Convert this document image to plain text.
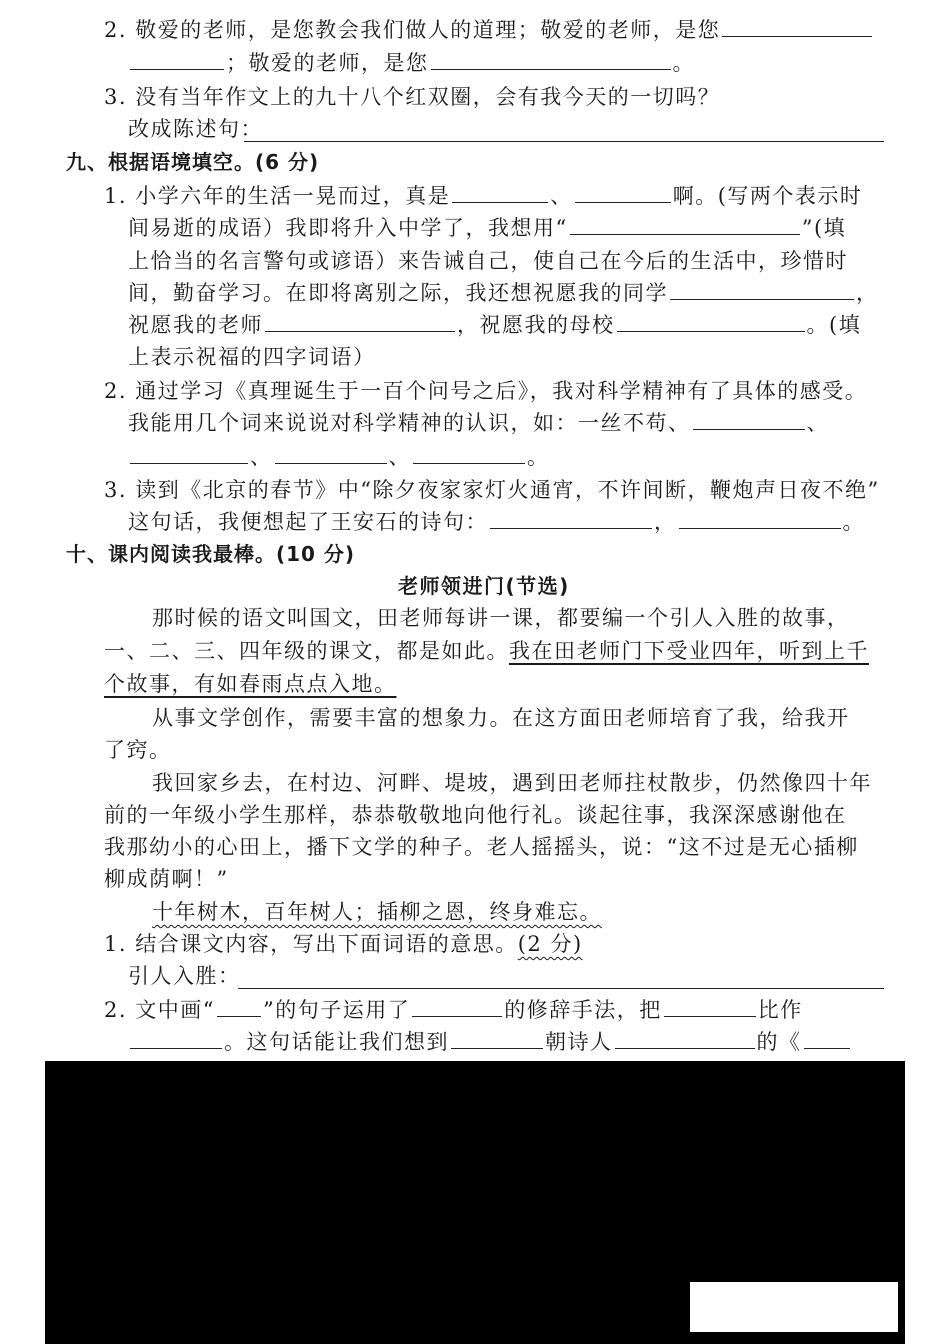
2. 敬爱的老师，是您教会我们做人的道理；敬爱的老师，是您
；敬爱的老师，是您	。
3. 没有当年作文上的九十八个红双圈，会有我今天的一切吗？
改成陈述句：
九、根据语境填空。(6 分)
1. 小学六年的生活一晃而过，真是	、	啊。(写两个表示时
间易逝的成语）我即将升入中学了，我想用“	”(填
上恰当的名言警句或谚语）来告诫自己，使自己在今后的生活中，珍惜时
间，勤奋学习。在即将离别之际，我还想祝愿我的同学	，
祝愿我的老师	，祝愿我的母校	。(填
上表示祝福的四字词语）
2. 通过学习《真理诞生于一百个问号之后》，我对科学精神有了具体的感受。
我能用几个词来说说对科学精神的认识，如：一丝不苟、	、
、	、	。
3. 读到《北京的春节》中“除夕夜家家灯火通宵，不许间断，鞭炮声日夜不绝”
这句话，我便想起了王安石的诗句：	，	。
十、课内阅读我最棒。(10 分)
老师领进门(节选)
那时候的语文叫国文，田老师每讲一课，都要编一个引人入胜的故事，
一、二、三、四年级的课文，都是如此。我在田老师门下受业四年，听到上千
个故事，有如春雨点点入地。
从事文学创作，需要丰富的想象力。在这方面田老师培育了我，给我开
了窍。
我回家乡去，在村边、河畔、堤坡，遇到田老师拄杖散步，仍然像四十年
前的一年级小学生那样，恭恭敬敬地向他行礼。谈起往事，我深深感谢他在
我那幼小的心田上，播下文学的种子。老人摇摇头，说：“这不过是无心插柳
柳成荫啊！”
十年树木，百年树人；插柳之恩，终身难忘。
1. 结合课文内容，写出下面词语的意思。(2 分)
引人入胜：
2. 文中画“ ”的句子运用了	的修辞手法，把	比作
。这句话能让我们想到	朝诗人	的《
